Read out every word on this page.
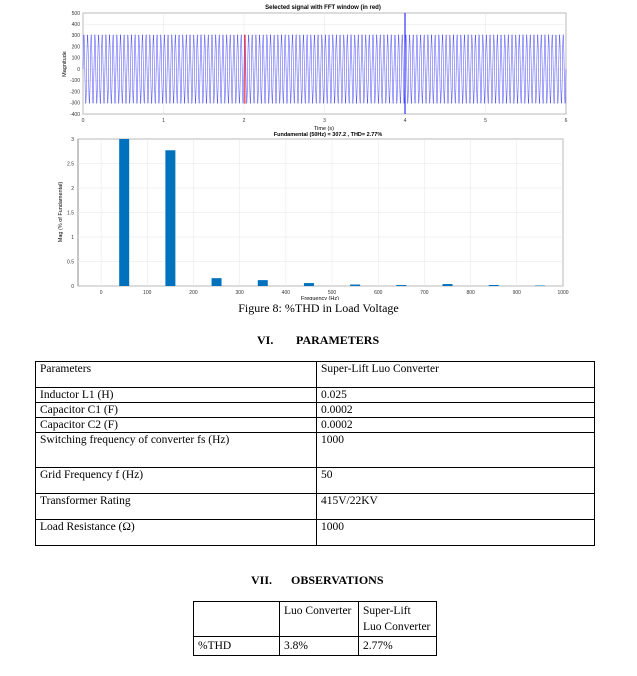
Selected signal with FFT window (in red)
500
400
300
200
100
0
-100
-200
-300
-400
0	1	2	3	4	5	6
Time (s)
Magnitude
Fundamental (50Hz) = 307.2 , THD= 2.77%
3
2.5
2
1.5
1
0.5
0
0	100	200	300	400	500	600	700	800	900	1000
Frequency (Hz)
Mag (% of Fundamental)
Figure 8: %THD in Load Voltage
VI. PARAMETERS
Parameters	Super-Lift Luo Converter
Inductor L1 (H)	0.025
Capacitor C1 (F)	0.0002
Capacitor C2 (F)	0.0002
Switching frequency of converter fs (Hz)	1000
Grid Frequency f (Hz)	50
Transformer Rating	415V/22KV
Load Resistance (Ω)	1000
VII. OBSERVATIONS
	Luo Converter	Super-Lift Luo Converter
%THD	3.8%	2.77%
